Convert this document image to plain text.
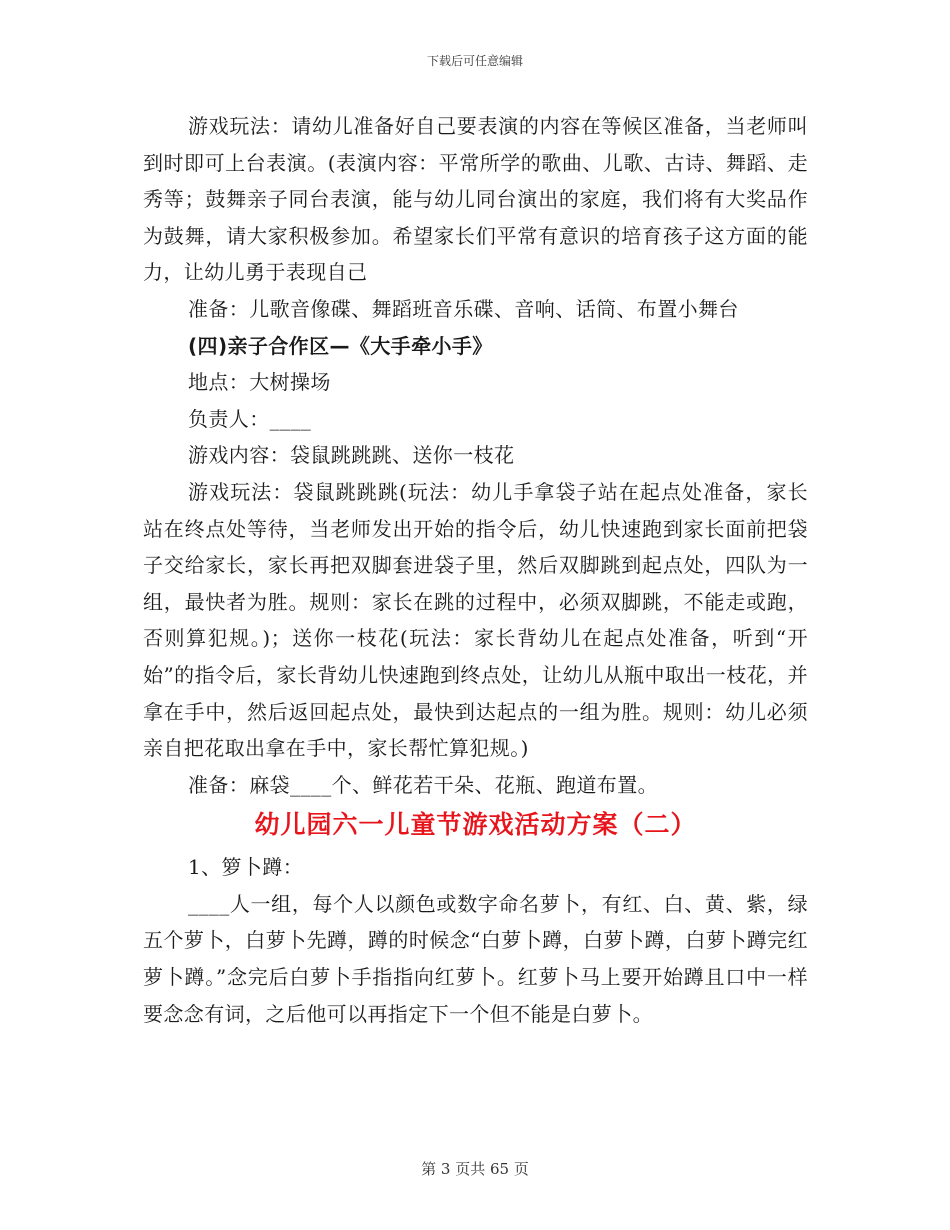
下载后可任意编辑

游戏玩法：请幼儿准备好自己要表演的内容在等候区准备，当老师叫到时即可上台表演。(表演内容：平常所学的歌曲、儿歌、古诗、舞蹈、走秀等；鼓舞亲子同台表演，能与幼儿同台演出的家庭，我们将有大奖品作为鼓舞，请大家积极参加。希望家长们平常有意识的培育孩子这方面的能力，让幼儿勇于表现自己

准备：儿歌音像碟、舞蹈班音乐碟、音响、话筒、布置小舞台

(四)亲子合作区—《大手牵小手》

地点：大树操场

负责人：____

游戏内容：袋鼠跳跳跳、送你一枝花

游戏玩法：袋鼠跳跳跳(玩法：幼儿手拿袋子站在起点处准备，家长站在终点处等待，当老师发出开始的指令后，幼儿快速跑到家长面前把袋子交给家长，家长再把双脚套进袋子里，然后双脚跳到起点处，四队为一组，最快者为胜。规则：家长在跳的过程中，必须双脚跳，不能走或跑，否则算犯规。)；送你一枝花(玩法：家长背幼儿在起点处准备，听到“开始”的指令后，家长背幼儿快速跑到终点处，让幼儿从瓶中取出一枝花，并拿在手中，然后返回起点处，最快到达起点的一组为胜。规则：幼儿必须亲自把花取出拿在手中，家长帮忙算犯规。)

准备：麻袋____个、鲜花若干朵、花瓶、跑道布置。

幼儿园六一儿童节游戏活动方案（二）

1、箩卜蹲：

____人一组，每个人以颜色或数字命名萝卜，有红、白、黄、紫，绿五个萝卜，白萝卜先蹲，蹲的时候念“白萝卜蹲，白萝卜蹲，白萝卜蹲完红萝卜蹲。”念完后白萝卜手指指向红萝卜。红萝卜马上要开始蹲且口中一样要念念有词，之后他可以再指定下一个但不能是白萝卜。

第 3 页共 65 页
